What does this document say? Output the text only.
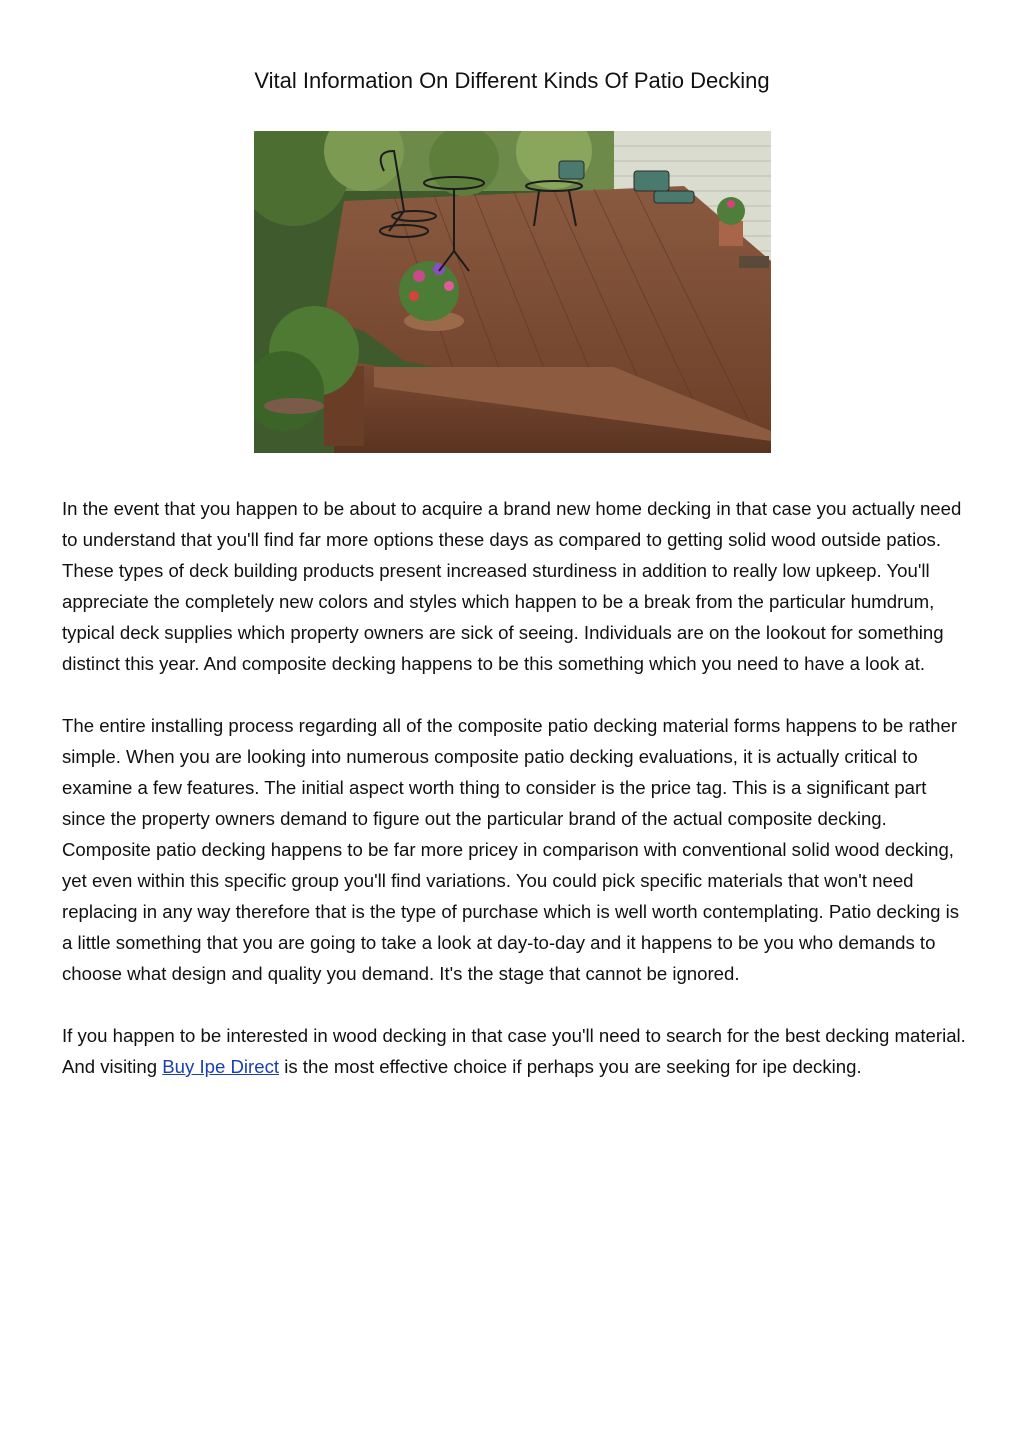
Vital Information On Different Kinds Of Patio Decking

In the event that you happen to be about to acquire a brand new home decking in that case you actually need to understand that you'll find far more options these days as compared to getting solid wood outside patios. These types of deck building products present increased sturdiness in addition to really low upkeep. You'll appreciate the completely new colors and styles which happen to be a break from the particular humdrum, typical deck supplies which property owners are sick of seeing. Individuals are on the lookout for something distinct this year. And composite decking happens to be this something which you need to have a look at.

The entire installing process regarding all of the composite patio decking material forms happens to be rather simple. When you are looking into numerous composite patio decking evaluations, it is actually critical to examine a few features. The initial aspect worth thing to consider is the price tag. This is a significant part since the property owners demand to figure out the particular brand of the actual composite decking. Composite patio decking happens to be far more pricey in comparison with conventional solid wood decking, yet even within this specific group you'll find variations. You could pick specific materials that won't need replacing in any way therefore that is the type of purchase which is well worth contemplating. Patio decking is a little something that you are going to take a look at day-to-day and it happens to be you who demands to choose what design and quality you demand. It's the stage that cannot be ignored.

If you happen to be interested in wood decking in that case you'll need to search for the best decking material. And visiting Buy Ipe Direct is the most effective choice if perhaps you are seeking for ipe decking.
